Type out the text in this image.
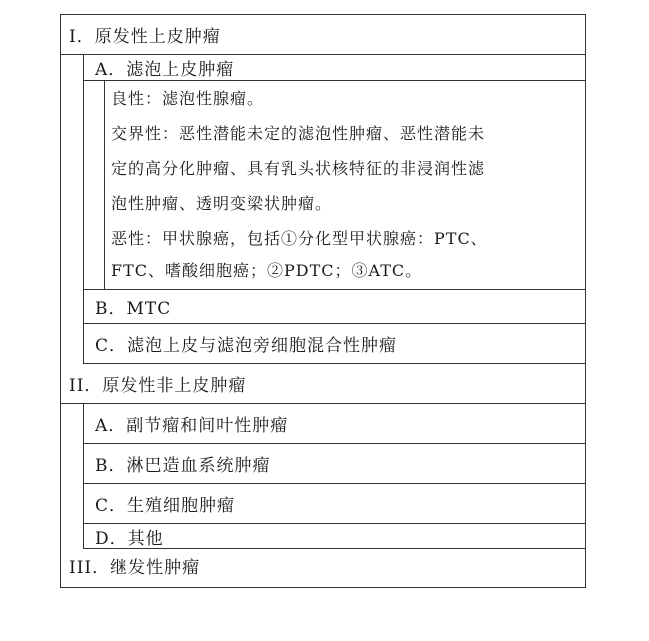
I．原发性上皮肿瘤
A．滤泡上皮肿瘤

良性：滤泡性腺瘤。

交界性：恶性潜能未定的滤泡性肿瘤、恶性潜能未

定的高分化肿瘤、具有乳头状核特征的非浸润性滤

泡性肿瘤、透明变梁状肿瘤。

恶性：甲状腺癌，包括①分化型甲状腺癌：PTC、

FTC、嗜酸细胞癌；②PDTC；③ATC。

B．MTC
C．滤泡上皮与滤泡旁细胞混合性肿瘤
II．原发性非上皮肿瘤
A．副节瘤和间叶性肿瘤
B．淋巴造血系统肿瘤
C．生殖细胞肿瘤
D．其他
III．继发性肿瘤
